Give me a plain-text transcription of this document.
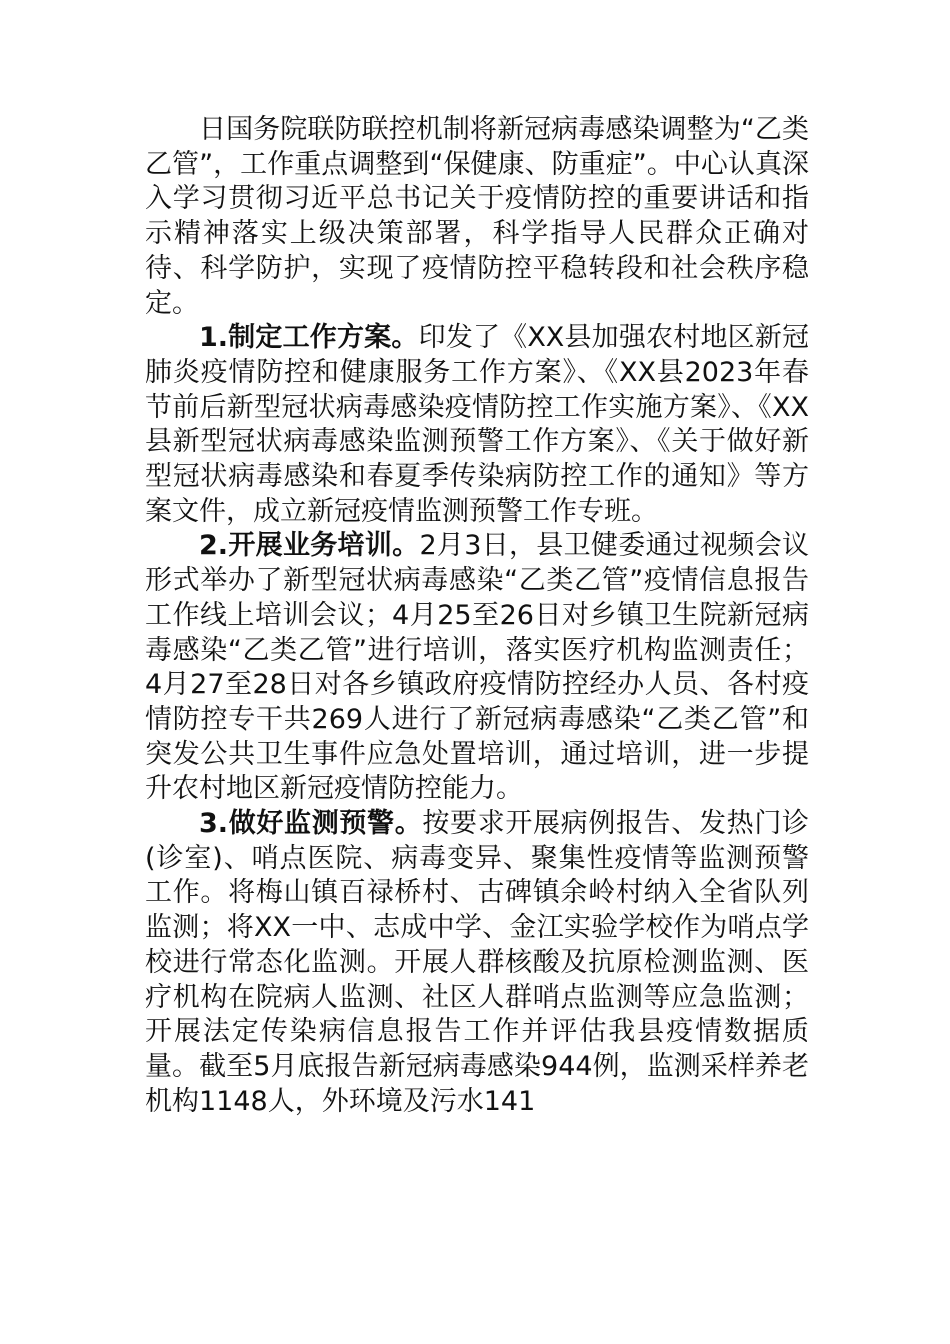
日国务院联防联控机制将新冠病毒感染调整为“乙类乙管”，工作重点调整到“保健康、防重症”。中心认真深入学习贯彻习近平总书记关于疫情防控的重要讲话和指示精神落实上级决策部署，科学指导人民群众正确对待、科学防护，实现了疫情防控平稳转段和社会秩序稳定。

1.制定工作方案。印发了《XX县加强农村地区新冠肺炎疫情防控和健康服务工作方案》、《XX县2023年春节前后新型冠状病毒感染疫情防控工作实施方案》、《XX县新型冠状病毒感染监测预警工作方案》、《关于做好新型冠状病毒感染和春夏季传染病防控工作的通知》等方案文件，成立新冠疫情监测预警工作专班。

2.开展业务培训。2月3日，县卫健委通过视频会议形式举办了新型冠状病毒感染“乙类乙管”疫情信息报告工作线上培训会议；4月25至26日对乡镇卫生院新冠病毒感染“乙类乙管”进行培训，落实医疗机构监测责任；4月27至28日对各乡镇政府疫情防控经办人员、各村疫情防控专干共269人进行了新冠病毒感染“乙类乙管”和突发公共卫生事件应急处置培训，通过培训，进一步提升农村地区新冠疫情防控能力。

3.做好监测预警。按要求开展病例报告、发热门诊(诊室)、哨点医院、病毒变异、聚集性疫情等监测预警工作。将梅山镇百禄桥村、古碑镇余岭村纳入全省队列监测；将XX一中、志成中学、金江实验学校作为哨点学校进行常态化监测。开展人群核酸及抗原检测监测、医疗机构在院病人监测、社区人群哨点监测等应急监测；开展法定传染病信息报告工作并评估我县疫情数据质量。截至5月底报告新冠病毒感染944例，监测采样养老机构1148人，外环境及污水141
